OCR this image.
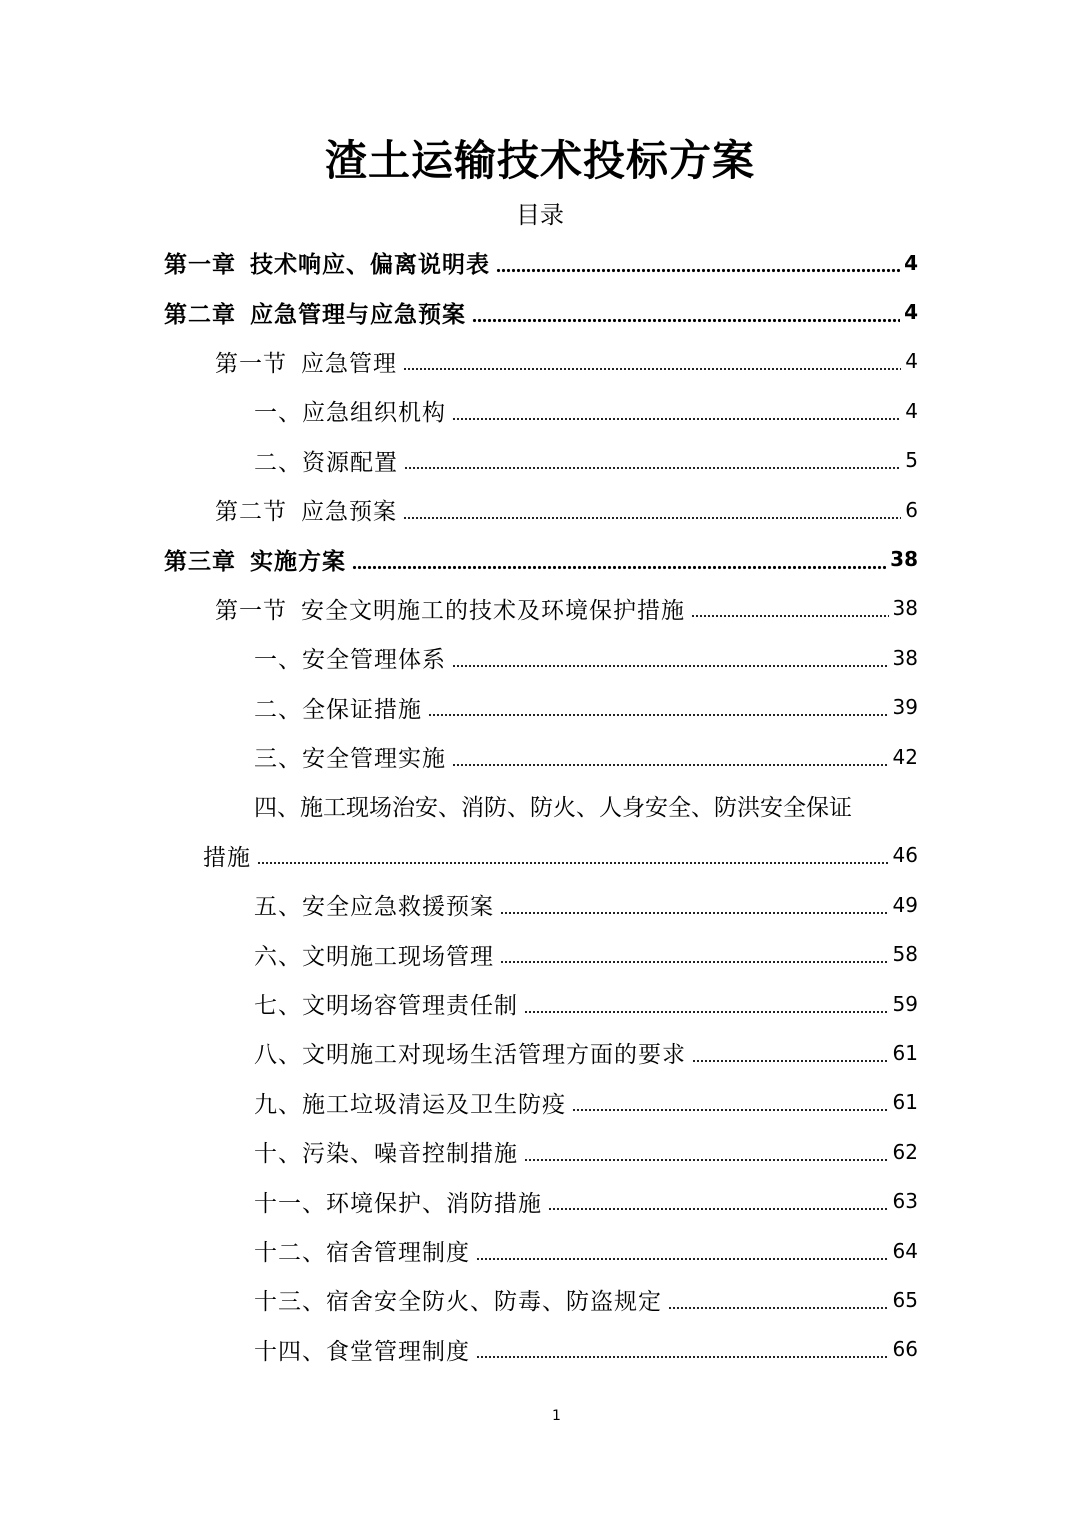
渣土运输技术投标方案
目录
第一章 技术响应、偏离说明表	4
第二章 应急管理与应急预案	4
第一节 应急管理	4
一、应急组织机构	4
二、资源配置	5
第二节 应急预案	6
第三章 实施方案	38
第一节 安全文明施工的技术及环境保护措施	38
一、安全管理体系	38
二、全保证措施	39
三、安全管理实施	42
四、施工现场治安、消防、防火、人身安全、防洪安全保证
措施	46
五、安全应急救援预案	49
六、文明施工现场管理	58
七、文明场容管理责任制	59
八、文明施工对现场生活管理方面的要求	61
九、施工垃圾清运及卫生防疫	61
十、污染、噪音控制措施	62
十一、环境保护、消防措施	63
十二、宿舍管理制度	64
十三、宿舍安全防火、防毒、防盗规定	65
十四、食堂管理制度	66
1
